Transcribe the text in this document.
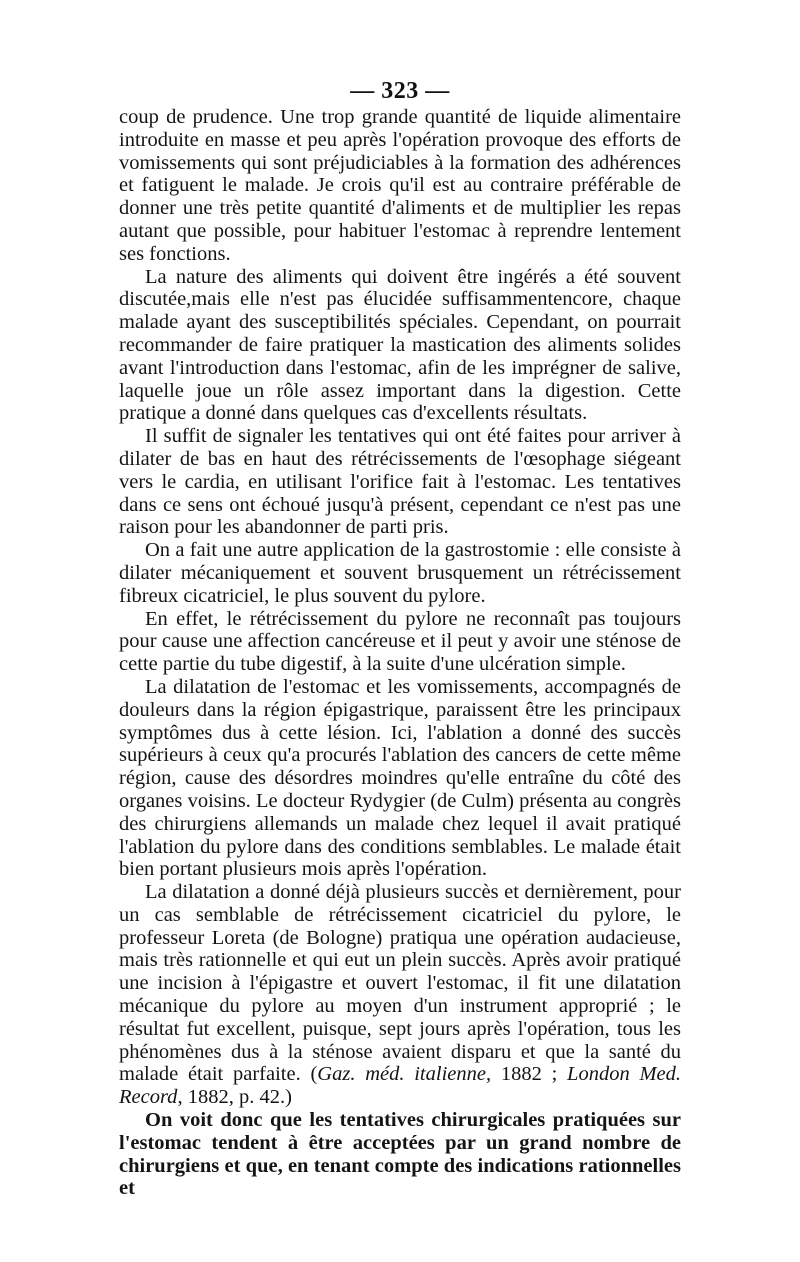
— 323 —

coup de prudence. Une trop grande quantité de liquide alimentaire introduite en masse et peu après l'opération provoque des efforts de vomissements qui sont préjudiciables à la formation des adhérences et fatiguent le malade. Je crois qu'il est au contraire préférable de donner une très petite quantité d'aliments et de multiplier les repas autant que possible, pour habituer l'estomac à reprendre lentement ses fonctions.

La nature des aliments qui doivent être ingérés a été souvent discutée,mais elle n'est pas élucidée suffisammentencore, chaque malade ayant des susceptibilités spéciales. Cependant, on pourrait recommander de faire pratiquer la mastication des aliments solides avant l'introduction dans l'estomac, afin de les imprégner de salive, laquelle joue un rôle assez important dans la digestion. Cette pratique a donné dans quelques cas d'excellents résultats.

Il suffit de signaler les tentatives qui ont été faites pour arriver à dilater de bas en haut des rétrécissements de l'œsophage siégeant vers le cardia, en utilisant l'orifice fait à l'estomac. Les tentatives dans ce sens ont échoué jusqu'à présent, cependant ce n'est pas une raison pour les abandonner de parti pris.

On a fait une autre application de la gastrostomie : elle consiste à dilater mécaniquement et souvent brusquement un rétrécissement fibreux cicatriciel, le plus souvent du pylore.

En effet, le rétrécissement du pylore ne reconnaît pas toujours pour cause une affection cancéreuse et il peut y avoir une sténose de cette partie du tube digestif, à la suite d'une ulcération simple.

La dilatation de l'estomac et les vomissements, accompagnés de douleurs dans la région épigastrique, paraissent être les principaux symptômes dus à cette lésion. Ici, l'ablation a donné des succès supérieurs à ceux qu'a procurés l'ablation des cancers de cette même région, cause des désordres moindres qu'elle entraîne du côté des organes voisins. Le docteur Rydygier (de Culm) présenta au congrès des chirurgiens allemands un malade chez lequel il avait pratiqué l'ablation du pylore dans des conditions semblables. Le malade était bien portant plusieurs mois après l'opération.

La dilatation a donné déjà plusieurs succès et dernièrement, pour un cas semblable de rétrécissement cicatriciel du pylore, le professeur Loreta (de Bologne) pratiqua une opération audacieuse, mais très rationnelle et qui eut un plein succès. Après avoir pratiqué une incision à l'épigastre et ouvert l'estomac, il fit une dilatation mécanique du pylore au moyen d'un instrument approprié ; le résultat fut excellent, puisque, sept jours après l'opération, tous les phénomènes dus à la sténose avaient disparu et que la santé du malade était parfaite. (Gaz. méd. italienne, 1882 ; London Med. Record, 1882, p. 42.)

On voit donc que les tentatives chirurgicales pratiquées sur l'estomac tendent à être acceptées par un grand nombre de chirurgiens et que, en tenant compte des indications rationnelles et
